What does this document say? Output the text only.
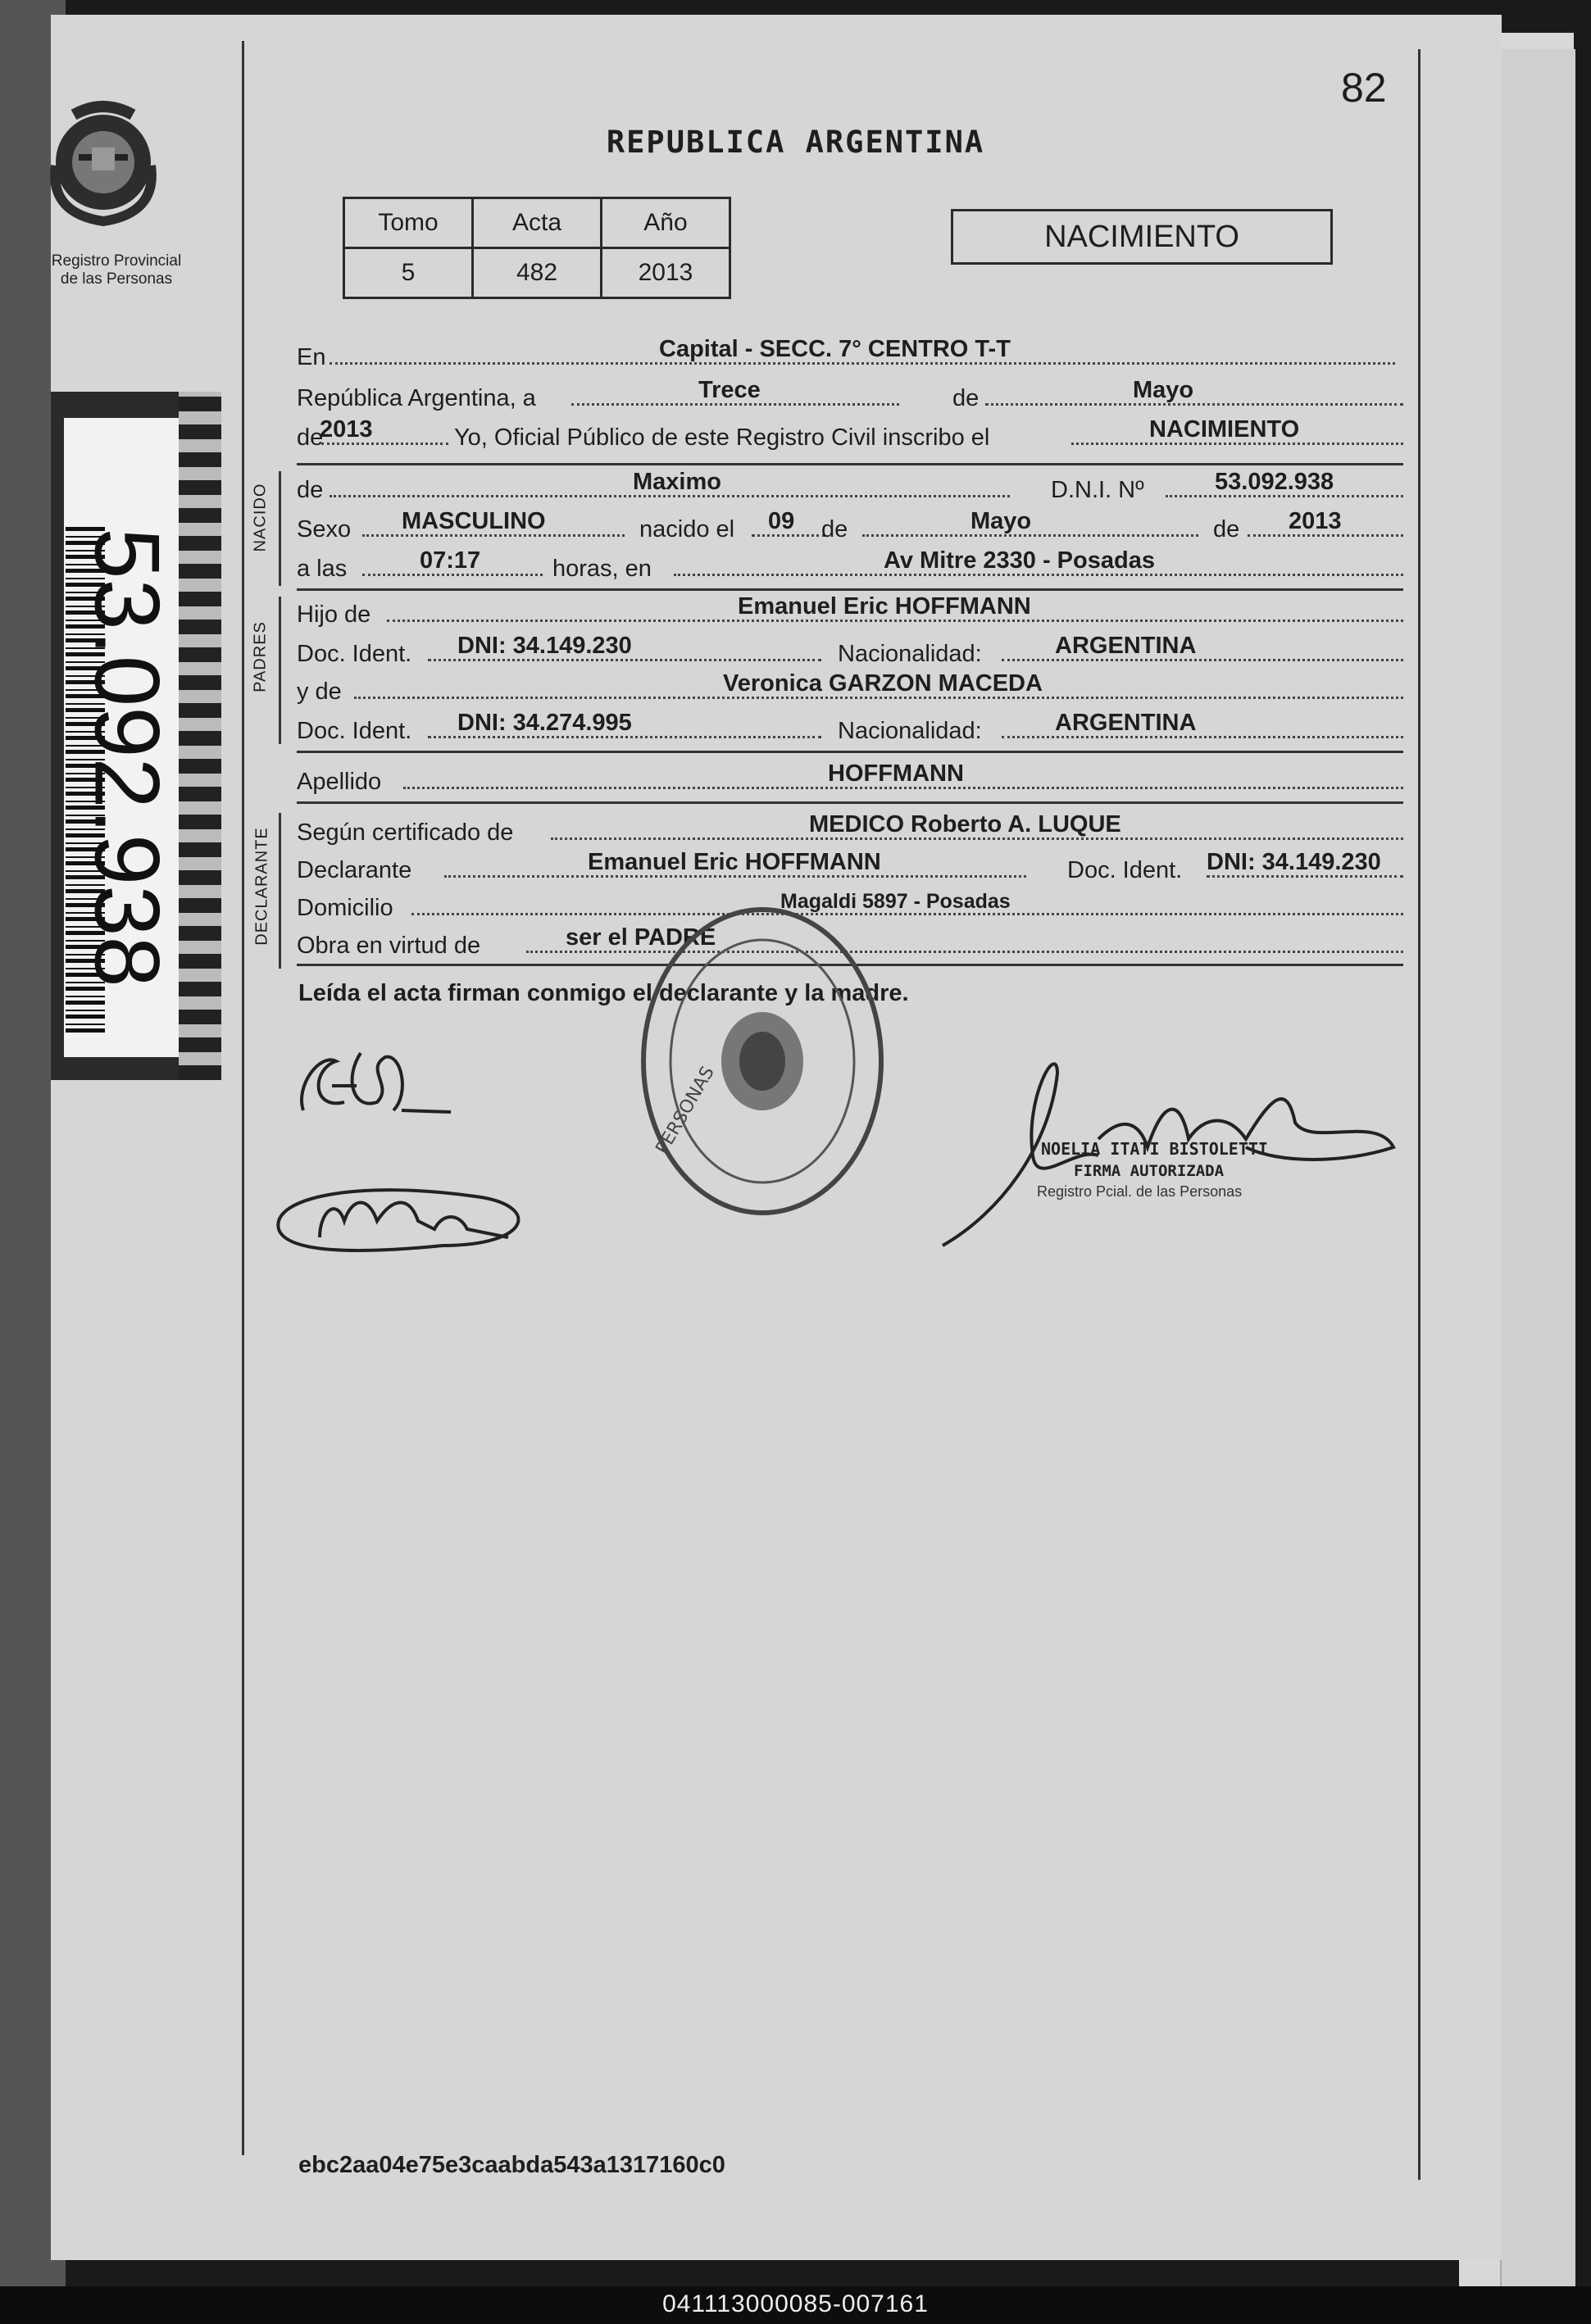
Registro Provincial
de las Personas
53.092.938
82
REPUBLICA ARGENTINA
Tomo	Acta	Año
5	482	2013
NACIMIENTO
En	Capital - SECC. 7° CENTRO T-T
República Argentina, a	Trece	de	Mayo
de
2013	Yo, Oficial Público de este Registro Civil inscribo el	NACIMIENTO
NACIDO de	Maximo	D.N.I. Nº	53.092.938
Sexo MASCULINO	nacido el 09 de	Mayo	de 2013
a las	07:17	horas, en	Av Mitre 2330 - Posadas
PADRES
Hijo de	Emanuel Eric HOFFMANN
Doc. Ident. DNI: 34.149.230	Nacionalidad:	ARGENTINA
y de	Veronica GARZON MACEDA
Doc. Ident. DNI: 34.274.995	Nacionalidad:	ARGENTINA
Apellido	HOFFMANN
DECLARANTE Según certificado de	MEDICO Roberto A. LUQUE
Declarante	Emanuel Eric HOFFMANN	Doc. Ident. DNI: 34.149.230
Domicilio	Magaldi 5897 - Posadas
Obra en virtud de	ser el PADRE
Leída el acta firman conmigo el declarante y la madre.
PERSONAS	NOELIA ITATI BISTOLETTI
FIRMA AUTORIZADA
Registro Pcial. de las Personas
ebc2aa04e75e3caabda543a1317160c0
041113000085-007161
